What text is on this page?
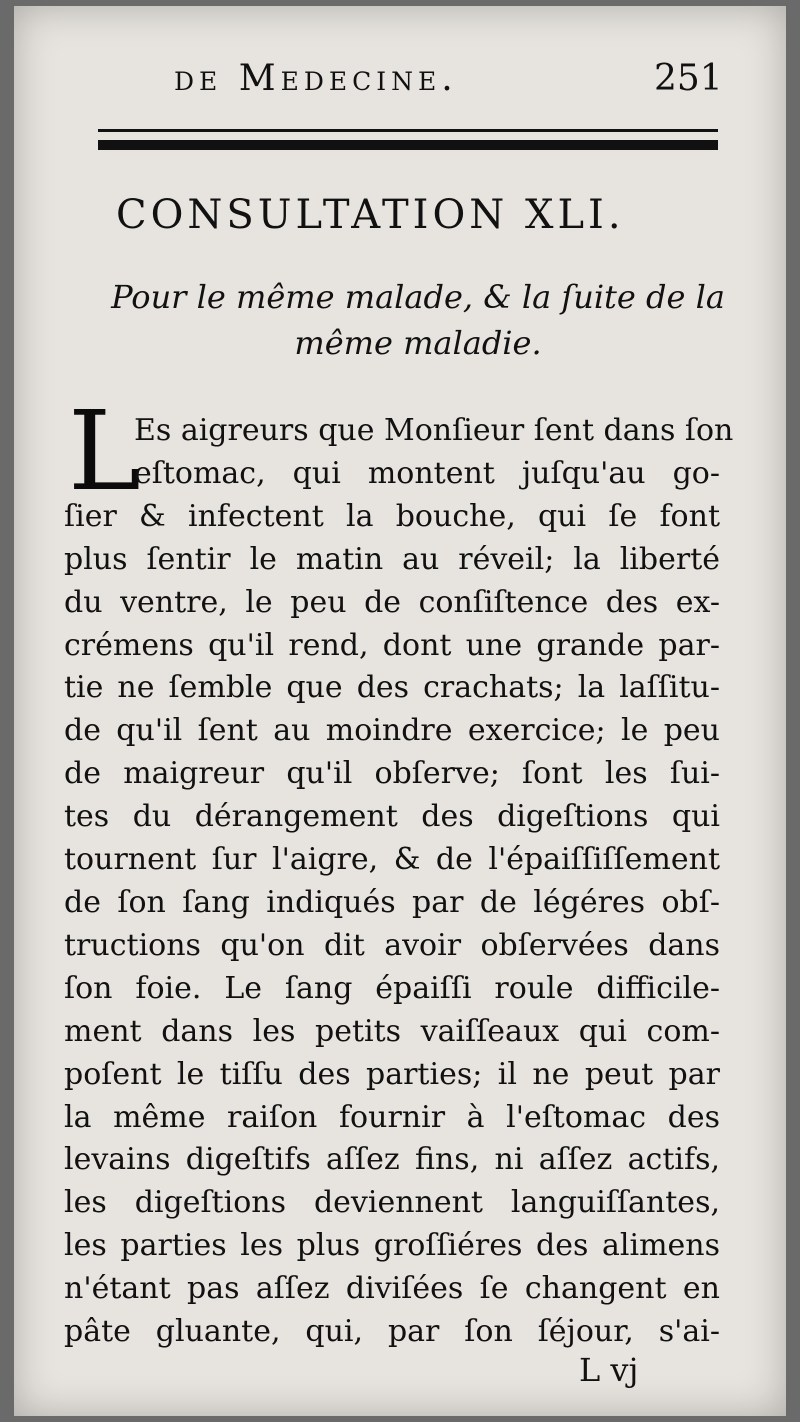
de Medecine.	251
CONSULTATION XLI.
Pour le même malade, & la ſuite de la
même maladie.
L
Es aigreurs que Monſieur ſent dans ſon
eſtomac, qui montent juſqu'au go-
ſier & infectent la bouche, qui ſe font
plus ſentir le matin au réveil; la liberté
du ventre, le peu de conſiſtence des ex-
crémens qu'il rend, dont une grande par-
tie ne ſemble que des crachats; la laſſitu-
de qu'il ſent au moindre exercice; le peu
de maigreur qu'il obſerve; ſont les ſui-
tes du dérangement des digeſtions qui
tournent ſur l'aigre, & de l'épaiſſiſſement
de ſon ſang indiqués par de légéres obſ-
tructions qu'on dit avoir obſervées dans
ſon foie. Le ſang épaiſſi roule difficile-
ment dans les petits vaiſſeaux qui com-
poſent le tiſſu des parties; il ne peut par
la même raiſon fournir à l'eſtomac des
levains digeſtifs aſſez fins, ni aſſez actifs,
les digeſtions deviennent languiſſantes,
les parties les plus groſſiéres des alimens
n'étant pas aſſez diviſées ſe changent en
pâte gluante, qui, par ſon ſéjour, s'ai-
L vj
